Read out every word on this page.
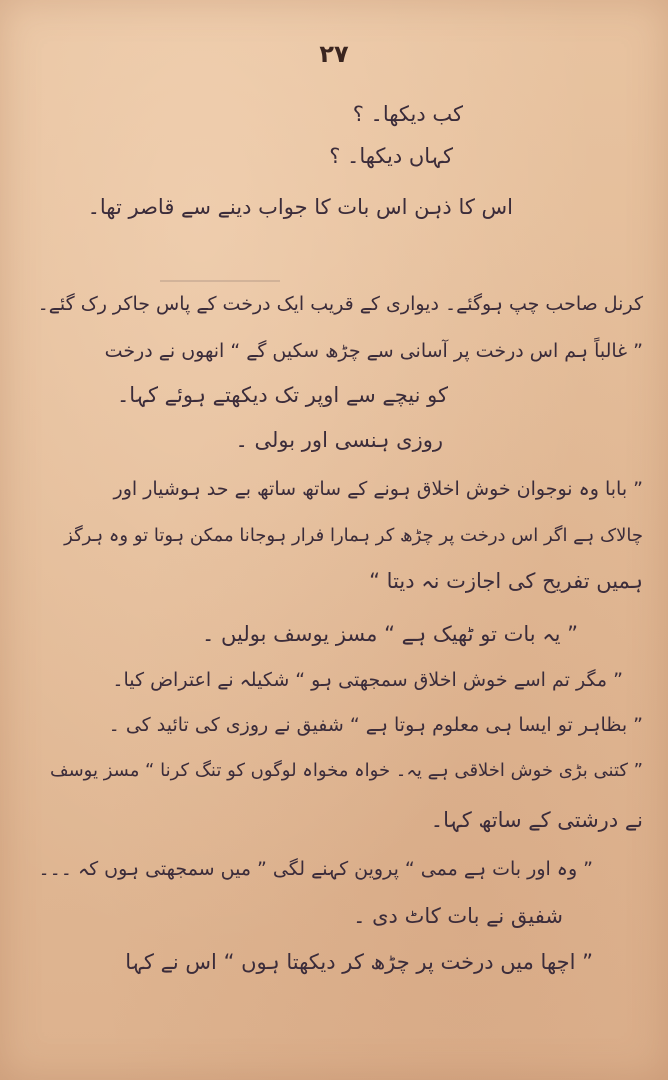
۲۷
کب دیکھا۔ ؟
کہاں دیکھا۔ ؟
اس کا ذہن اس بات کا جواب دینے سے قاصر تھا۔
کرنل صاحب چپ ہوگئے۔ دیواری کے قریب ایک درخت کے پاس جاکر رک گئے۔
” غالباً ہم اس درخت پر آسانی سے چڑھ سکیں گے “ انھوں نے درخت
کو نیچے سے اوپر تک دیکھتے ہوئے کہا۔
روزی ہنسی اور بولی ۔
” بابا وہ نوجوان خوش اخلاق ہونے کے ساتھ ساتھ بے حد ہوشیار اور
چالاک ہے اگر اس درخت پر چڑھ کر ہمارا فرار ہوجانا ممکن ہوتا تو وہ ہرگز
ہمیں تفریح کی اجازت نہ دیتا “
” یہ بات تو ٹھیک ہے “ مسز یوسف بولیں ۔
” مگر تم اسے خوش اخلاق سمجھتی ہو “ شکیلہ نے اعتراض کیا۔
” بظاہر تو ایسا ہی معلوم ہوتا ہے “ شفیق نے روزی کی تائید کی ۔
” کتنی بڑی خوش اخلاقی ہے یہ۔ خواہ مخواہ لوگوں کو تنگ کرنا “ مسز یوسف
نے درشتی کے ساتھ کہا۔
” وہ اور بات ہے ممی “ پروین کہنے لگی ” میں سمجھتی ہوں کہ ۔۔۔
شفیق نے بات کاٹ دی ۔
” اچھا میں درخت پر چڑھ کر دیکھتا ہوں “ اس نے کہا
